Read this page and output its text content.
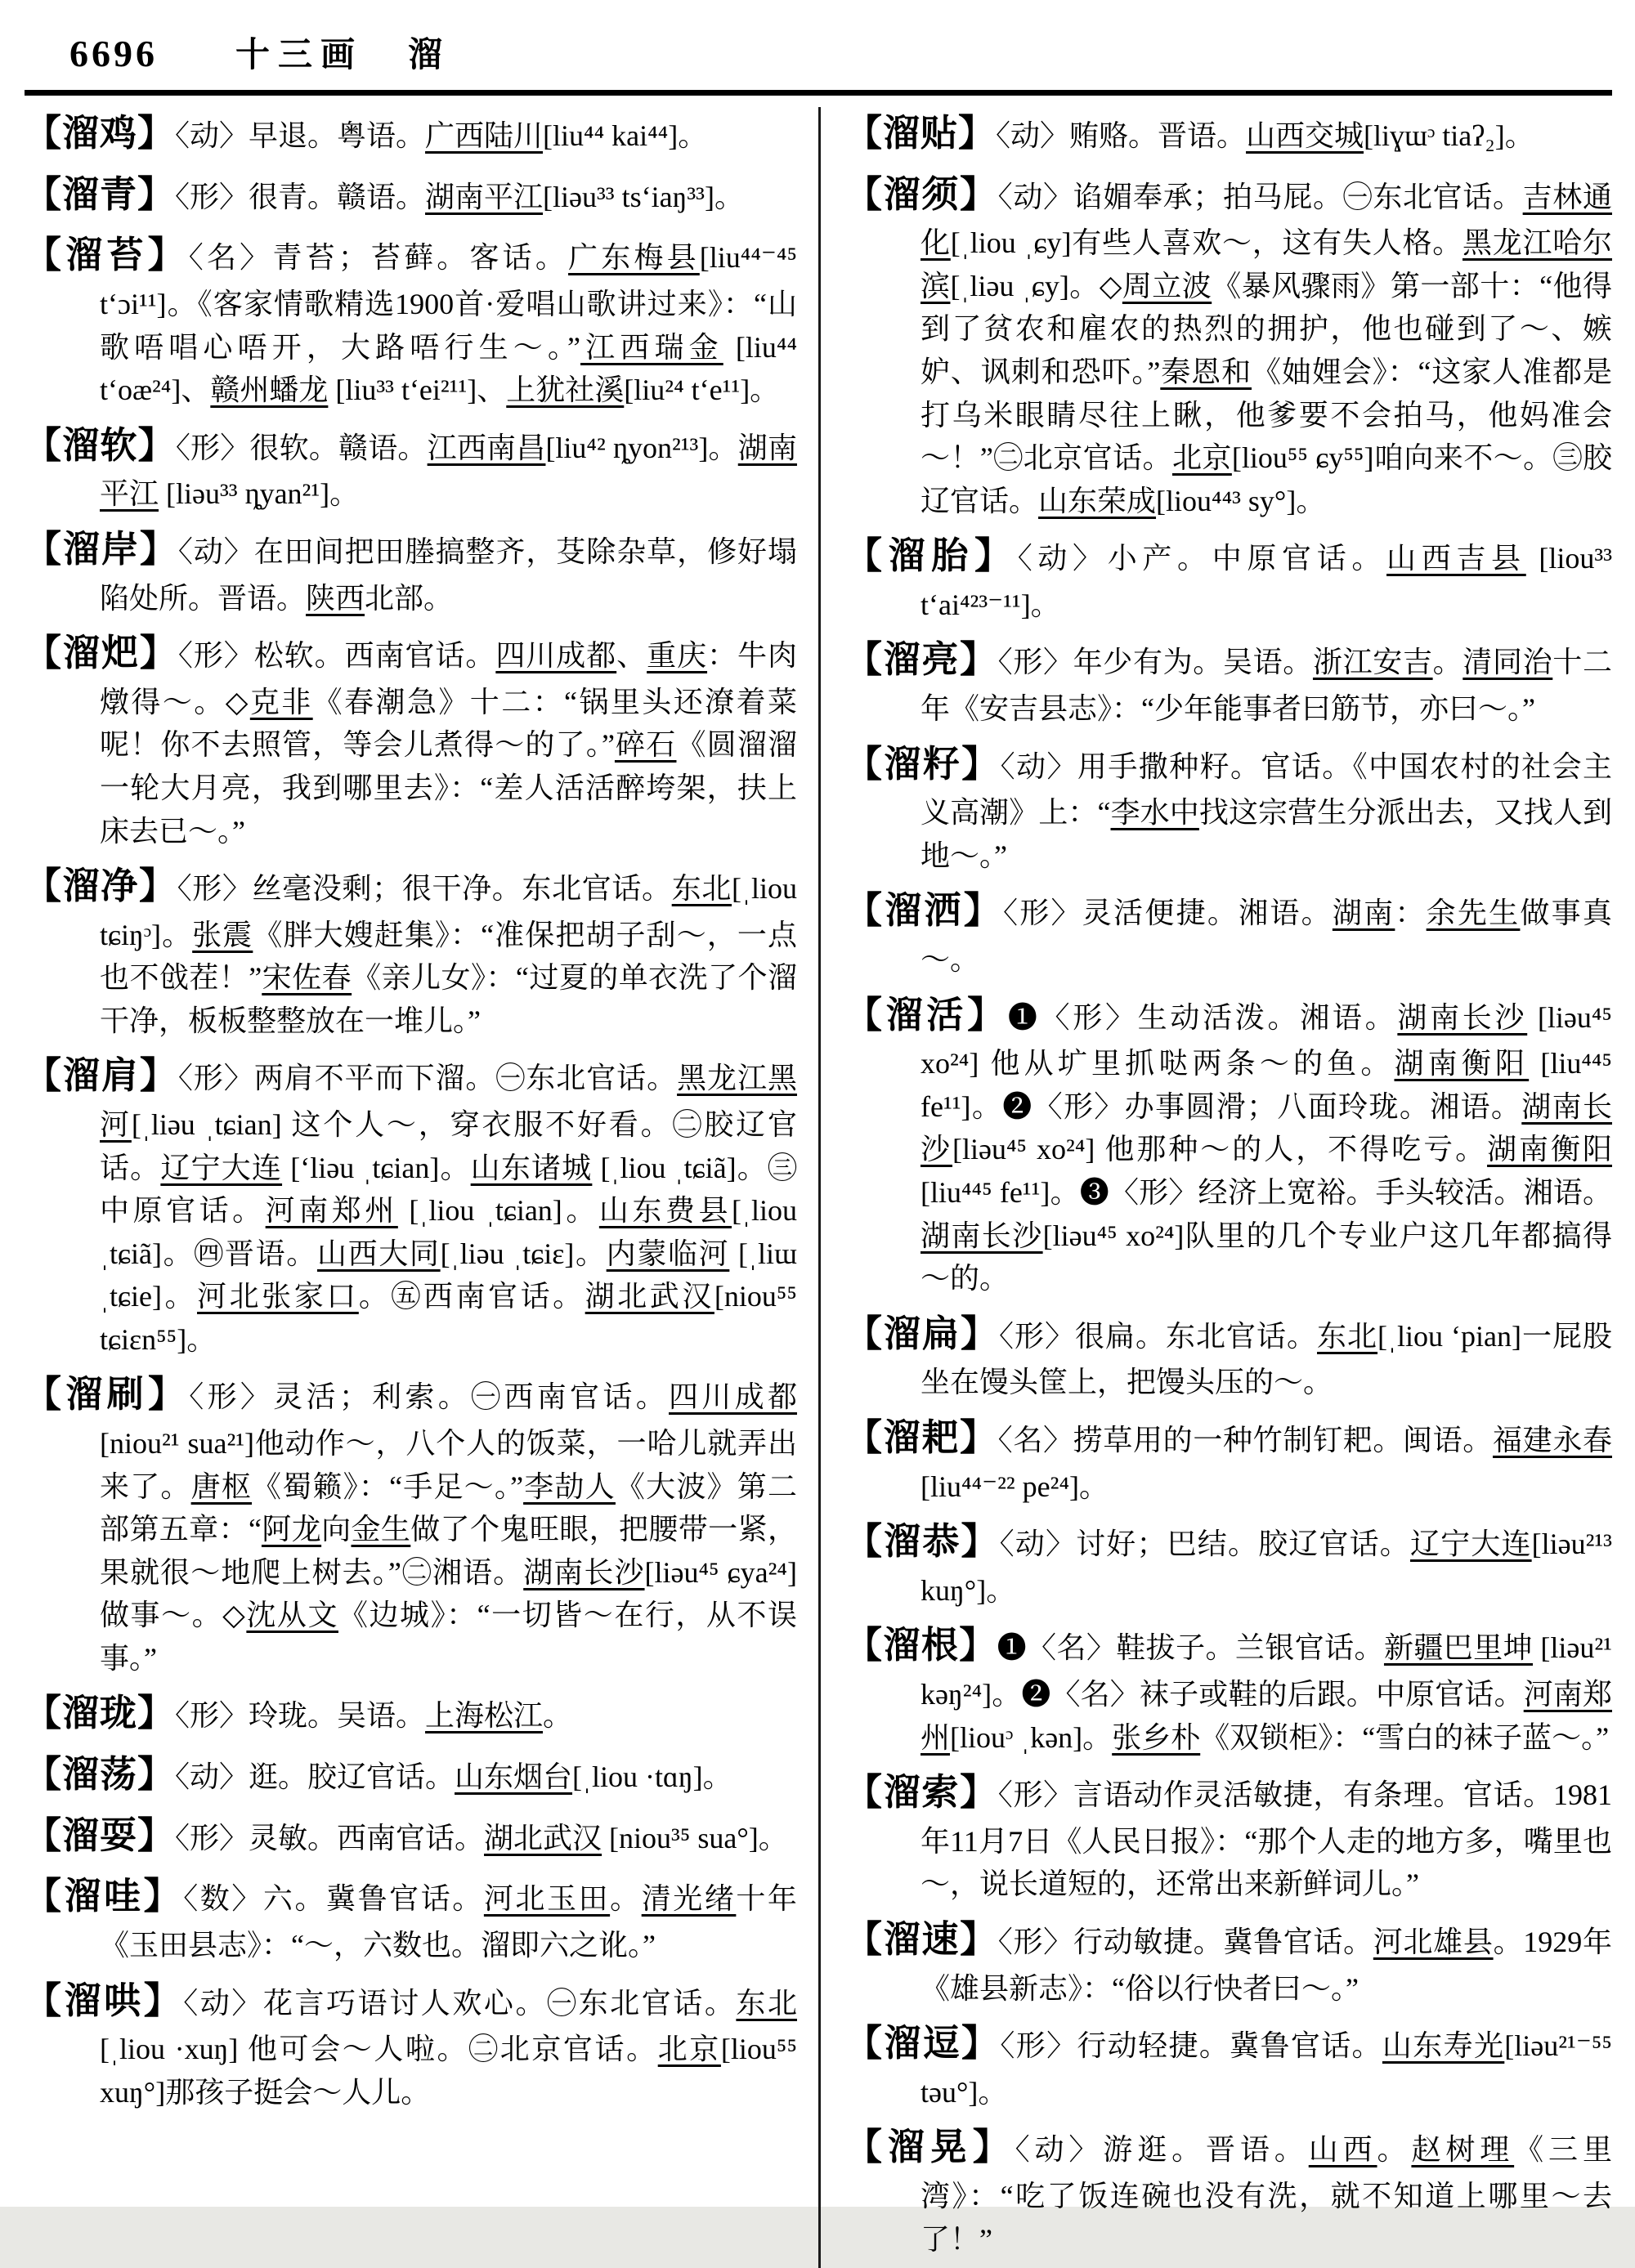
6696 十三画 溜
【溜鸡】〈动〉早退。粤语。广西陆川[liu⁴⁴ kai⁴⁴]。
【溜青】〈形〉很青。赣语。湖南平江[liəu³³ tsʻiaŋ³³]。
【溜苔】〈名〉青苔；苔藓。客话。广东梅县[liu⁴⁴⁻⁴⁵ tʻɔi¹¹]。《客家情歌精选1900首·爱唱山歌讲过来》：“山歌唔唱心唔开，大路唔行生～。”江西瑞金 [liu⁴⁴ tʻoæ²⁴]、赣州蟠龙 [liu³³ tʻei²¹¹]、上犹社溪[liu²⁴ tʻe¹¹]。
【溜软】〈形〉很软。赣语。江西南昌[liu⁴² ȵyon²¹³]。湖南平江 [liəu³³ ȵyan²¹]。
【溜岸】〈动〉在田间把田塍搞整齐，芟除杂草，修好塌陷处所。晋语。陕西北部。
【溜𤆵】〈形〉松软。西南官话。四川成都、重庆：牛肉燉得～。◇克非《春潮急》十二：“锅里头还潦着菜呢！你不去照管，等会儿煮得～的了。”碎石《圆溜溜一轮大月亮，我到哪里去》：“差人活活醉垮架，扶上床去已～。”
【溜净】〈形〉丝毫没剩；很干净。东北官话。东北[ˌliou tɕiŋᵓ]。张震《胖大嫂赶集》：“准保把胡子刮～，一点也不戗茬！”宋佐春《亲儿女》：“过夏的单衣洗了个溜干净，板板整整放在一堆儿。”
【溜肩】〈形〉两肩不平而下溜。㊀东北官话。黑龙江黑河[ˌliəu ˌtɕian] 这个人～，穿衣服不好看。㊁胶辽官话。辽宁大连 [ʻliəu ˌtɕian]。山东诸城 [ˌliou ˌtɕiã]。㊂中原官话。河南郑州 [ˌliou ˌtɕian]。山东费县[ˌliou ˌtɕiã]。㊃晋语。山西大同[ˌliəu ˌtɕiɛ]。内蒙临河 [ˌliɯ ˌtɕie]。河北张家口。㊄西南官话。湖北武汉[niou⁵⁵ tɕiɛn⁵⁵]。
【溜刷】〈形〉灵活；利索。㊀西南官话。四川成都[niou²¹ sua²¹]他动作～，八个人的饭菜，一哈儿就弄出来了。唐枢《蜀籁》：“手足～。”李劼人《大波》第二部第五章：“阿龙向金生做了个鬼旺眼，把腰带一紧，果就很～地爬上树去。”㊁湘语。湖南长沙[liəu⁴⁵ ɕya²⁴] 做事～。◇沈从文《边城》：“一切皆～在行，从不误事。”
【溜珑】〈形〉玲珑。吴语。上海松江。
【溜荡】〈动〉逛。胶辽官话。山东烟台[ˌliou ·tɑŋ]。
【溜耍】〈形〉灵敏。西南官话。湖北武汉 [niou³⁵ sua°]。
【溜哇】〈数〉六。冀鲁官话。河北玉田。清光绪十年《玉田县志》：“～，六数也。溜即六之讹。”
【溜哄】〈动〉花言巧语讨人欢心。㊀东北官话。东北[ˌliou ·xuŋ] 他可会～人啦。㊁北京官话。北京[liou⁵⁵ xuŋ°]那孩子挺会～人儿。
【溜贴】〈动〉贿赂。晋语。山西交城[liɣɯᵓ tiaʔ₂]。
【溜须】〈动〉谄媚奉承；拍马屁。㊀东北官话。吉林通化[ˌliou ˌɕy]有些人喜欢～，这有失人格。黑龙江哈尔滨[ˌliəu ˌɕy]。◇周立波《暴风骤雨》第一部十：“他得到了贫农和雇农的热烈的拥护，他也碰到了～、嫉妒、讽刺和恐吓。”秦恩和《妯娌会》：“这家人准都是打乌米眼睛尽往上瞅，他爹要不会拍马，他妈准会～！”㊁北京官话。北京[liou⁵⁵ ɕy⁵⁵]咱向来不～。㊂胶辽官话。山东荣成[liou⁴⁴³ sy°]。
【溜胎】〈动〉小产。中原官话。山西吉县 [liou³³ tʻai⁴²³⁻¹¹]。
【溜亮】〈形〉年少有为。吴语。浙江安吉。清同治十二年《安吉县志》：“少年能事者曰筋节，亦曰～。”
【溜籽】〈动〉用手撒种籽。官话。《中国农村的社会主义高潮》上：“李水中找这宗营生分派出去，又找人到地～。”
【溜洒】〈形〉灵活便捷。湘语。湖南：余先生做事真～。
【溜活】❶〈形〉生动活泼。湘语。湖南长沙 [liəu⁴⁵ xo²⁴] 他从圹里抓哒两条～的鱼。湖南衡阳 [liu⁴⁴⁵ fe¹¹]。❷〈形〉办事圆滑；八面玲珑。湘语。湖南长沙[liəu⁴⁵ xo²⁴] 他那种～的人，不得吃亏。湖南衡阳[liu⁴⁴⁵ fe¹¹]。❸〈形〉经济上宽裕。手头较活。湘语。湖南长沙[liəu⁴⁵ xo²⁴]队里的几个专业户这几年都搞得～的。
【溜扁】〈形〉很扁。东北官话。东北[ˌliou ʻpian]一屁股坐在馒头筐上，把馒头压的～。
【溜耙】〈名〉捞草用的一种竹制钉耙。闽语。福建永春[liu⁴⁴⁻²² pe²⁴]。
【溜恭】〈动〉讨好；巴结。胶辽官话。辽宁大连[liəu²¹³ kuŋ°]。
【溜根】❶〈名〉鞋拔子。兰银官话。新疆巴里坤 [liəu²¹ kəŋ²⁴]。❷〈名〉袜子或鞋的后跟。中原官话。河南郑州[liouᵓ ˌkən]。张乡朴《双锁柜》：“雪白的袜子蓝～。”
【溜索】〈形〉言语动作灵活敏捷，有条理。官话。1981年11月7日《人民日报》：“那个人走的地方多，嘴里也～，说长道短的，还常出来新鲜词儿。”
【溜速】〈形〉行动敏捷。冀鲁官话。河北雄县。1929年《雄县新志》：“俗以行快者曰～。”
【溜逗】〈形〉行动轻捷。冀鲁官话。山东寿光[liəu²¹⁻⁵⁵ təu°]。
【溜晃】〈动〉游逛。晋语。山西。赵树理《三里湾》：“吃了饭连碗也没有洗，就不知道上哪里～去了！”
